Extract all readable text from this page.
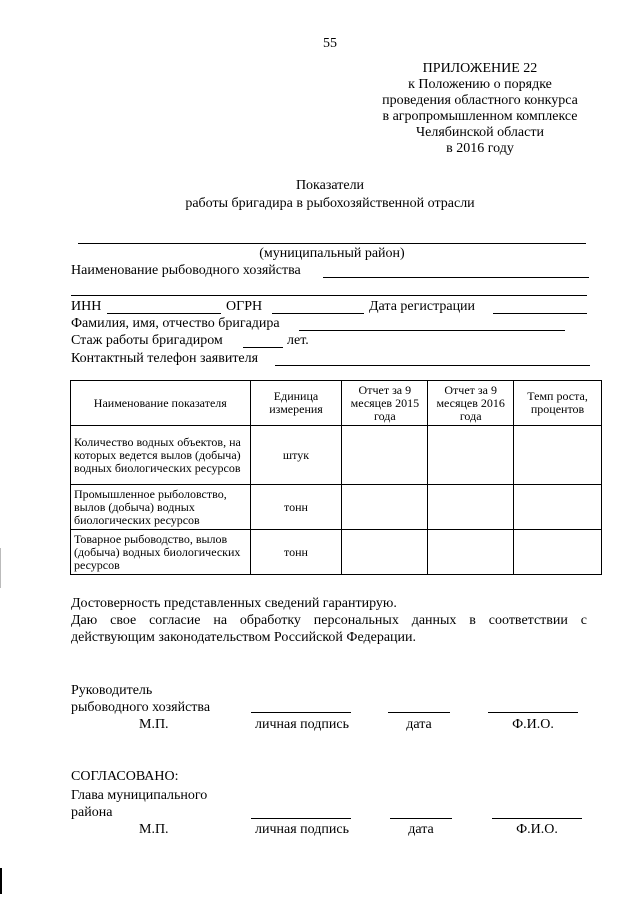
55
ПРИЛОЖЕНИЕ 22
к Положению о порядке
проведения областного конкурса
в агропромышленном комплексе
Челябинской области
в 2016 году
Показатели
работы бригадира в рыбохозяйственной отрасли
(муниципальный район)
Наименование рыбоводного хозяйства
ИНН	ОГРН	Дата регистрации
Фамилия, имя, отчество бригадира
Стаж работы бригадиром	лет.
Контактный телефон заявителя
Наименование показателя	Единица измерения	Отчет за 9 месяцев 2015 года	Отчет за 9 месяцев 2016 года	Темп роста, процентов
Количество водных объектов, на которых ведется вылов (добыча) водных биологических ресурсов	штук			
Промышленное рыболовство, вылов (добыча) водных биологических ресурсов	тонн			
Товарное рыбоводство, вылов (добыча) водных биологических ресурсов	тонн			
Достоверность представленных сведений гарантирую.
Даю свое согласие на обработку персональных данных в соответствии с
действующим законодательством Российской Федерации.
Руководитель
рыбоводного хозяйства
М.П.	личная подпись	дата	Ф.И.О.
СОГЛАСОВАНО:
Глава муниципального
района
М.П.	личная подпись	дата	Ф.И.О.
